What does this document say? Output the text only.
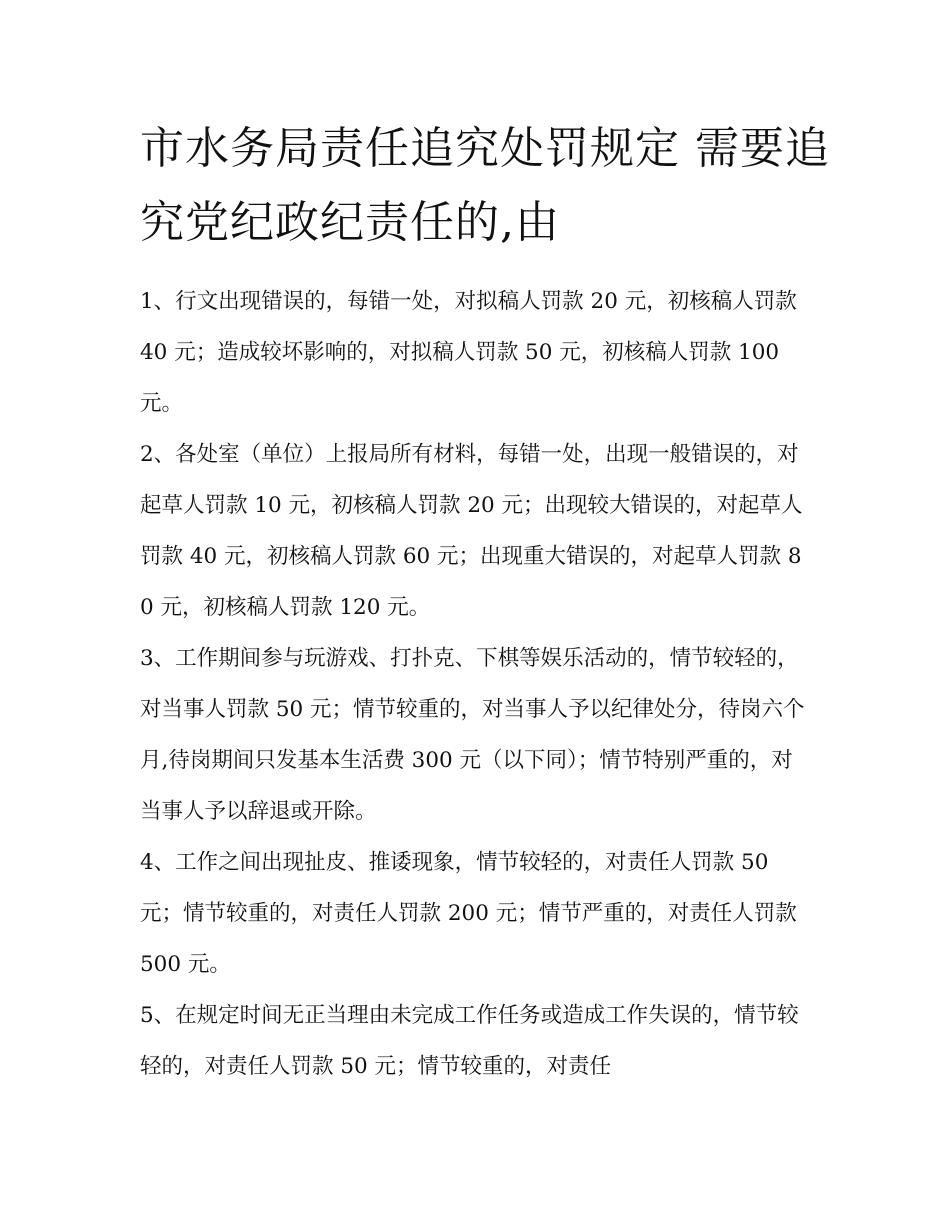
市水务局责任追究处罚规定 需要追究党纪政纪责任的,由

1、行文出现错误的，每错一处，对拟稿人罚款 20 元，初核稿人罚款 40 元；造成较坏影响的，对拟稿人罚款 50 元，初核稿人罚款 100 元。

2、各处室（单位）上报局所有材料，每错一处，出现一般错误的，对起草人罚款 10 元，初核稿人罚款 20 元；出现较大错误的，对起草人罚款 40 元，初核稿人罚款 60 元；出现重大错误的，对起草人罚款 80 元，初核稿人罚款 120 元。

3、工作期间参与玩游戏、打扑克、下棋等娱乐活动的，情节较轻的，对当事人罚款 50 元；情节较重的，对当事人予以纪律处分，待岗六个月,待岗期间只发基本生活费 300 元（以下同）；情节特别严重的，对当事人予以辞退或开除。

4、工作之间出现扯皮、推诿现象，情节较轻的，对责任人罚款 50 元；情节较重的，对责任人罚款 200 元；情节严重的，对责任人罚款 500 元。

5、在规定时间无正当理由未完成工作任务或造成工作失误的，情节较轻的，对责任人罚款 50 元；情节较重的，对责任
